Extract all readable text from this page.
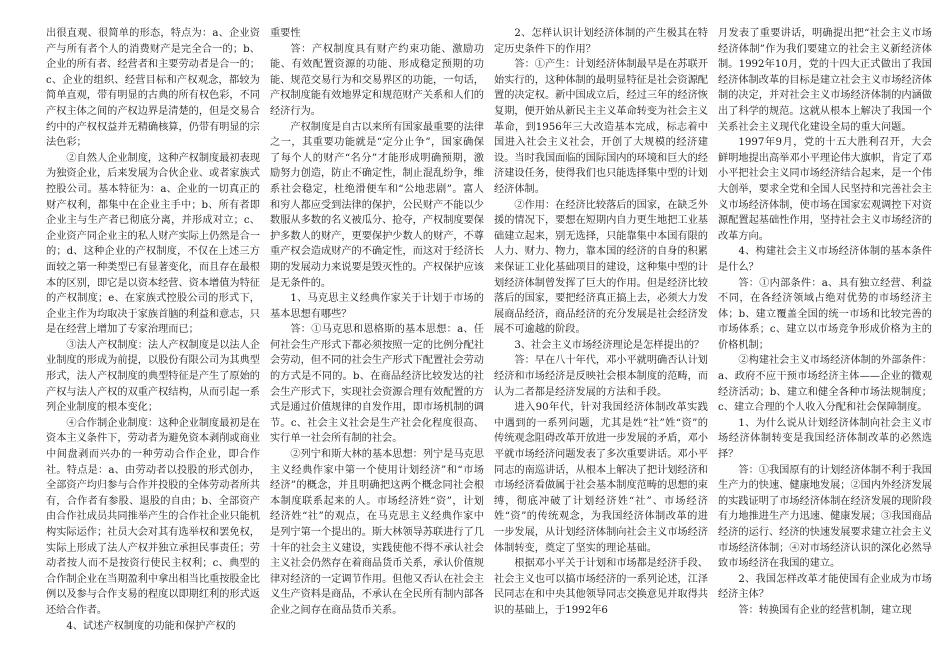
出很直观、很简单的形态，特点为：a、企业资产与所有者个人的消费财产是完全合一的；b、企业的所有者、经营者和主要劳动者是合一的；c、企业的组织、经营目标和产权观念，都较为简单直观，带有明显的古典的所有权色彩，不同产权主体之间的产权边界是清楚的，但是交易合约中的产权权益并无精确核算，仍带有明显的宗法色彩；

②自然人企业制度，这种产权制度最初表现为独资企业，后来发展为合伙企业、或者家族式控股公司。基本特征为：a、企业的一切真正的财产权利，都集中在企业主手中；b、所有者即企业主与生产者已彻底分离，并形成对立；c、企业资产同企业主的私人财产实际上仍然是合一的；d、这种企业的产权制度，不仅在上述三方面较之第一种类型已有显著变化，而且存在最根本的区别，即它是以资本经营、资本增值为特征的产权制度；e、在家族式控股公司的形式下，企业主作为均取决于家族首脑的利益和意志，只是在经营上增加了专家治理而已；

③法人产权制度：法人产权制度是以法人企业制度的形成为前提，以股份有限公司为其典型形式，法人产权制度的典型特征是产生了原始的产权与法人产权的双重产权结构，从而引起一系列企业制度的根本变化；

④合作制企业制度：这种企业制度最初是在资本主义条件下，劳动者为避免资本剥削或商业中间盘剥而兴办的一种劳动合作企业，即合作社。特点是：a、由劳动者以投股的形式创办，全部资产均归参与合作并投股的全体劳动者所共有，合作者有参股、退股的自由；b、全部资产由合作社成员共同推举产生的合作社企业只能机构实际运作；社员大会对其有选举权和罢免权，实际上形成了法人产权并独立承担民事责任；劳动者按人而不是按资行使民主权利；c、典型的合作制企业在当期盈利中拿出相当比重按股金比例以及参与合作支易的程度以即期红利的形式返还给合作者。

4、试述产权制度的功能和保护产权的

重要性

答：产权制度具有财产约束功能、激励功能、有效配置资源的功能、形成稳定预期的功能、规范交易行为和交易界区的功能，一句话，产权制度能有效地界定和规范财产关系和人们的经济行为。

产权制度是自古以来所有国家最重要的法律之一，其重要功能就是“定分止争”，国家确保了每个人的财产“名分”才能形成明确预期，激励努力创造，防止不确定性，制止混乱纷争，维系社会稳定，杜绝滑便车和“公地悲剧”。富人和穷人都应受到法律的保护，公民财产不能以少数服从多数的名义被瓜分、抢夺，产权制度要保护多数人的财产，更要保护少数人的财产，不尊重产权会造成财产的不确定性，而这对于经济长期的发展动力来说要是毁灭性的。产权保护应该是无条件的。

1、马克思主义经典作家关于计划于市场的基本思想有哪些？

答：①马克思和恩格斯的基本思想：a、任何社会生产形式下都必须按照一定的比例分配社会劳动，但不同的社会生产形式下配置社会劳动的方式是不同的。b、在商品经济比较发达的社会生产形式下，实现社会资源合理有效配置的方式是通过价值规律的自发作用，即市场机制的调节。c、社会主义社会是生产社会化程度很高、实行单一社会所有制的社会。

②列宁和斯大林的基本思想：列宁是马克思主义经典作家中第一个使用计划经济”和“市场经济”的概念，并且明确把这两个概念同社会根本制度联系起来的人。市场经济姓“资”，计划经济姓“社”的观点，在马克思主义经典作家中是列宁第一个提出的。斯大林领导苏联进行了几十年的社会主义建设，实践使他不得不承认社会主义社会仍然存在着商品货币关系，承认价值规律对经济的一定调节作用。但他又否认在社会主义生产资料是商品，不承认在全民所有制内部各企业之间存在商品货币关系。

2、怎样认识计划经济体制的产生极其在特定历史条件下的作用？

答：①产生：计划经济体制最早是在苏联开始实行的，这种体制的最明显特征是社会资源配置的决定权。新中国成立后，经过三年的经济恢复期，便开始从新民主主义革命转变为社会主义革命，到1956年三大改造基本完成，标志着中国进入社会主义社会，开创了大规模的经济建设。当时我国面临的国际国内的环境和巨大的经济建设任务，使得我们也只能选择集中型的计划经济体制。

②作用：在经济比较落后的国家，在缺乏外援的情况下，要想在短期内自力更生地把工业基础建立起来，别无选择，只能靠集中本国有限的人力、财力、物力，靠本国的经济的自身的积累来保证工业化基础项目的建设，这种集中型的计划经济体制曾发挥了巨大的作用。但是经济比较落后的国家，要把经济真正搞上去，必须大力发展商品经济，商品经济的充分发展是社会经济发展不可逾越的阶段。

3、社会主义市场经济理论是怎样提出的？

答：早在八十年代，邓小平就明确否认计划经济和市场经济是反映社会根本制度的范畴，而认为二者都是经济发展的方法和手段。

进入90年代，针对我国经济体制改革实践中遇到的一系列问题，尤其是姓“社”姓“资”的传统观念阻碍改革开放进一步发展的矛盾，邓小平就市场经济问题发表了多次重要讲话。邓小平同志的南巡讲话，从根本上解决了把计划经济和市场经济看做属于社会基本制度范畴的思想的束缚，彻底冲破了计划经济姓“社”、市场经济姓“资”的传统观念，为我国经济体制改革的进一步发展，从计划经济体制向社会主义市场经济体制转变，奠定了坚实的理论基础。

根据邓小平关于计划和市场都是经济手段、社会主义也可以搞市场经济的一系列论述，江泽民同志在和中央其他领导同志交换意见并取得共识的基础上，于1992年6

月发表了重要讲话，明确提出把“社会主义市场经济体制”作为我们要建立的社会主义新经济体制。1992年10月，党的十四大正式做出了我国经济体制改革的目标是建立社会主义市场经济体制的决定，并对社会主义市场经济体制的内涵做出了科学的规范。这就从根本上解决了我国一个关系社会主义现代化建设全局的重大问题。

1997年9月，党的十五大胜利召开，大会鲜明地提出高举邓小平理论伟大旗帜，肯定了邓小平把社会主义同市场经济结合起来，是一个伟大创举，要求全党和全国人民坚持和完善社会主义市场经济体制，使市场在国家宏观调控下对资源配置起基础性作用，坚持社会主义市场经济的改革方向。

4、构建社会主义市场经济体制的基本条件是什么？

答：①内部条件：a、具有独立经营、利益不同，在各经济领域占绝对优势的市场经济主体；b、建立覆盖全国的统一市场和比较完善的市场体系；c、建立以市场竞争形成价格为主的价格机制；

②构建社会主义市场经济体制的外部条件：a、政府不应干预市场经济主体——企业的微观经济活动；b、建立和健全各种市场法规制度；c、建立合理的个人收入分配和社会保障制度。

1、为什么说从计划经济体制向社会主义市场经济体制转变是我国经济体制改革的必然选择？

答：①我国原有的计划经济体制不利于我国生产力的快速、健康地发展；②国内外经济发展的实践证明了市场经济体制在经济发展的现阶段有力地推进生产力迅速、健康发展；③我国商品经济的运行、经济的快速发展要求建立社会主义市场经济体制；④对市场经济认识的深化必然导致市场经济在我国的建立。

2、我国怎样改革才能使国有企业成为市场经济主体？

答：转换国有企业的经营机制，建立现
